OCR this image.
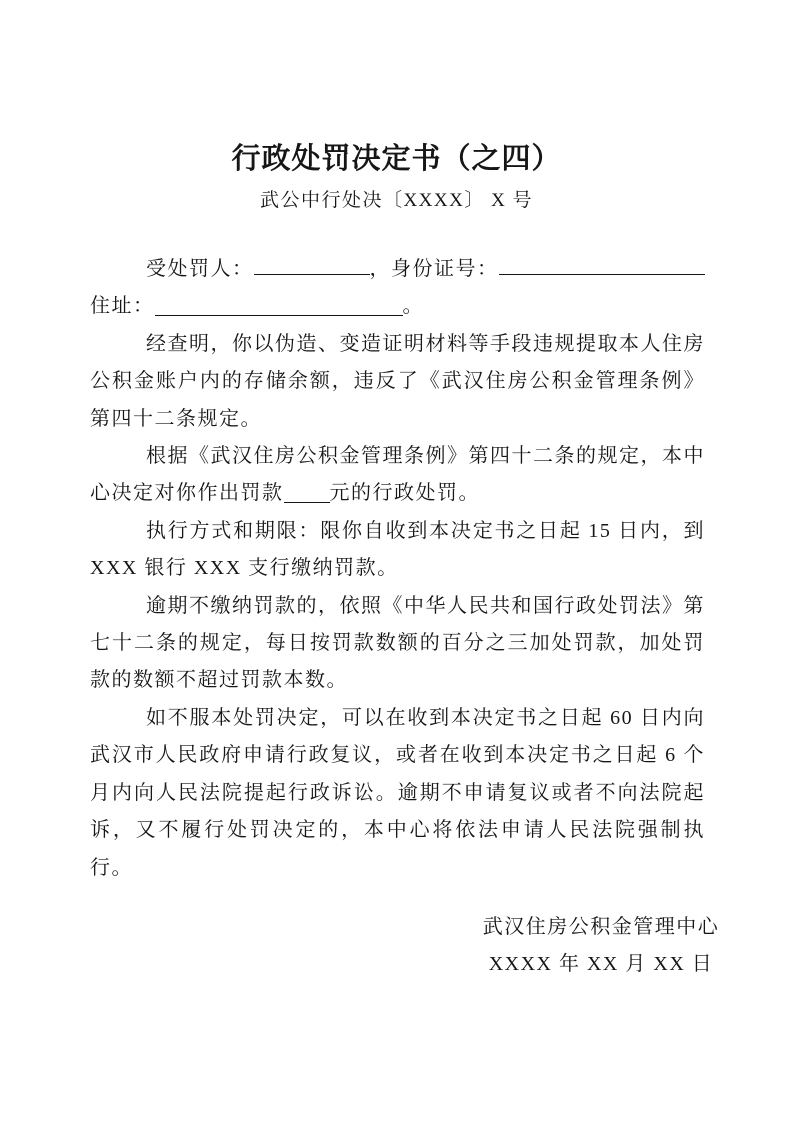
行政处罚决定书（之四）
武公中行处决〔XXXX〕 X 号
受处罚人：	，身份证号：

住址：	。

经查明，你以伪造、变造证明材料等手段违规提取本人住房公积金账户内的存储余额，违反了《武汉住房公积金管理条例》第四十二条规定。

根据《武汉住房公积金管理条例》第四十二条的规定，本中心决定对你作出罚款 元的行政处罚。

执行方式和期限：限你自收到本决定书之日起 15 日内，到 XXX 银行 XXX 支行缴纳罚款。

逾期不缴纳罚款的，依照《中华人民共和国行政处罚法》第七十二条的规定，每日按罚款数额的百分之三加处罚款，加处罚款的数额不超过罚款本数。

如不服本处罚决定，可以在收到本决定书之日起 60 日内向武汉市人民政府申请行政复议，或者在收到本决定书之日起 6 个月内向人民法院提起行政诉讼。逾期不申请复议或者不向法院起诉，又不履行处罚决定的，本中心将依法申请人民法院强制执行。

武汉住房公积金管理中心
XXXX 年 XX 月 XX 日
